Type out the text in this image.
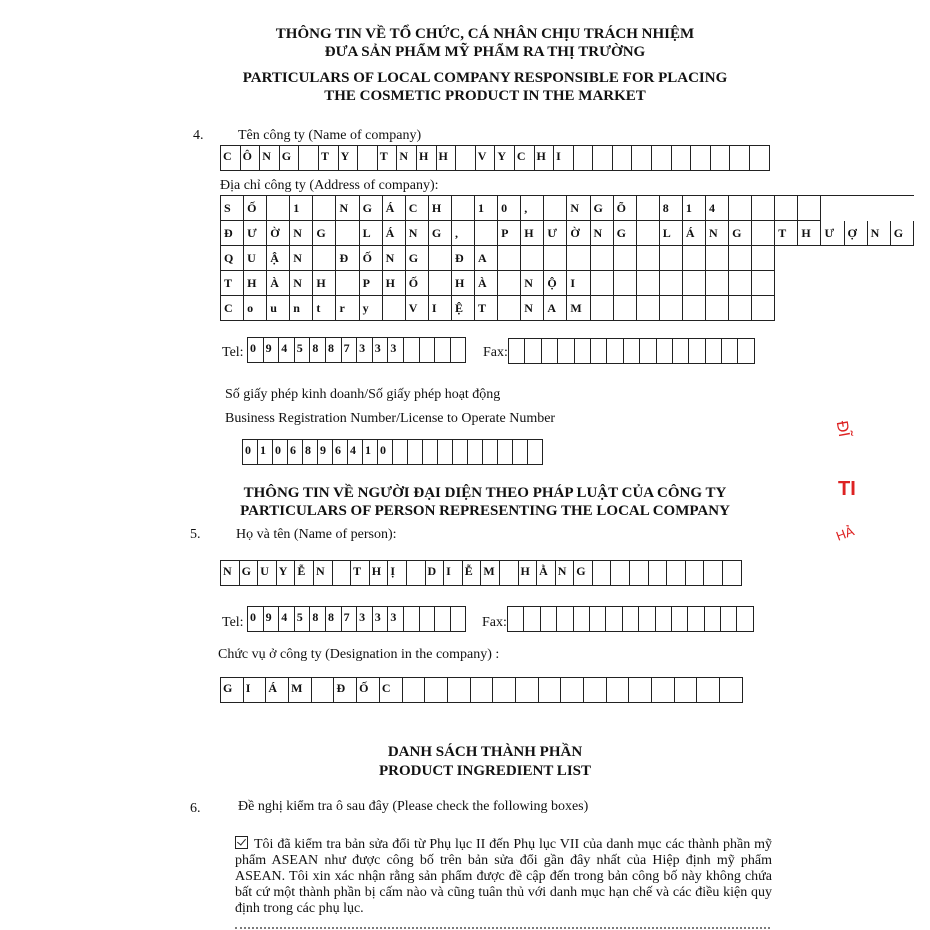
THÔNG TIN VỀ TỔ CHỨC, CÁ NHÂN CHỊU TRÁCH NHIỆM
ĐƯA SẢN PHẨM MỸ PHẨM RA THỊ TRƯỜNG
PARTICULARS OF LOCAL COMPANY RESPONSIBLE FOR PLACING
THE COSMETIC PRODUCT IN THE MARKET
4. Tên công ty (Name of company)
C Ô N G	T Y	T N H H	V Y C H I
Địa chỉ công ty (Address of company):
S	Ố	1	N	G	Á	C	H	1	0	,	N	G	Õ	8	1	4
Đ	Ư	Ờ	N	G	L	Á	N	G	,	P	H	Ư	Ờ	N	G	L	Á	N	G	T	H	Ư	Ợ	N	G
Q	U	Ậ	N	Đ	Ố	N	G	Đ	A
T	H	À	N	H	P	H	Ố	H	À	N	Ộ	I
C	o	u	n	t	r	y	V	I	Ệ	T	N	A	M
Tel: 0 9 4 5 8 8 7 3 3 3	Fax:
Số giấy phép kinh doanh/Số giấy phép hoạt động
Business Registration Number/License to Operate Number
0 1 0 6 8 9 6 4 1 0
THÔNG TIN VỀ NGƯỜI ĐẠI DIỆN THEO PHÁP LUẬT CỦA CÔNG TY
PARTICULARS OF PERSON REPRESENTING THE LOCAL COMPANY
5.	Họ và tên (Name of person):
N G U Y Ễ N	T H Ị	D I	Ễ M	H Ằ N G
Tel: 0 9 4 5 8 8 7 3 3 3	Fax:
Chức vụ ở công ty (Designation in the company) :
G	I	Á	M	Đ	Ố	C
DANH SÁCH THÀNH PHẦN
PRODUCT INGREDIENT LIST
6.	Đề nghị kiểm tra ô sau đây (Please check the following boxes)
Tôi đã kiểm tra bản sửa đổi từ Phụ lục II đến Phụ lục VII của danh mục các thành phần mỹ phẩm ASEAN như được công bố trên bản sửa đổi gần đây nhất của Hiệp định mỹ phẩm ASEAN. Tôi xin xác nhận rằng sản phẩm được đề cập đến trong bản công bố này không chứa bất cứ một thành phần bị cấm nào và cũng tuân thủ với danh mục hạn chế và các điều kiện quy định trong các phụ lục.
ĐĨ
TI
HẢ
